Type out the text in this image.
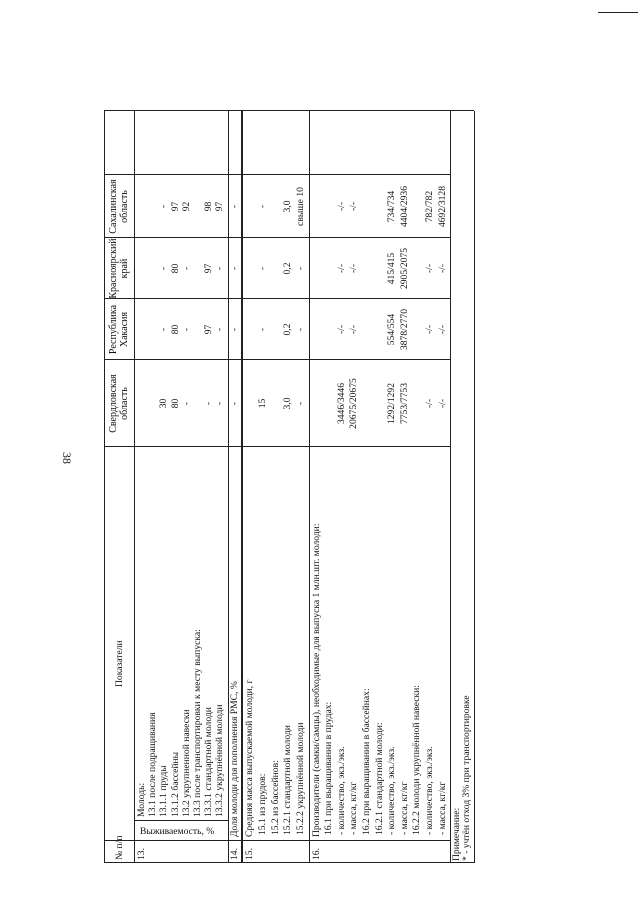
38
№ п/п
Показатели
Свердловская область
Республика Хакасия
Красноярский край
Сахалинская область
13.
Выживаемость, %
Молодь: 13.1 после подращивания 13.1.1 пруды
30
-
-
-
13.1.2 бассейны
80
80
80
97
13.2 укрупненной навески
-
-
-
92
13.3 после транспортировки к месту выпуска: 13.3.1 стандартной молоди
-
97
97
98
13.3.2 укрупнённой молоди
-
-
-
97
14.
Доля молоди для пополнения РМС, %
-
-
-
-
15.
Средняя масса выпускаемой молоди, г 15.1 из прудов:
15
-
-
-
15.2 из бассейнов: 15.2.1 стандартной молоди
3,0
0,2
0,2
3,0
15.2.2 укрупнённой молоди
-
-
-
свыше 10
16.
Производители (самки/самцы), необходимые для выпуска 1 млн.шт. молоди: 16.1 при выращивании в прудах: - количество, экз./экз.
3446/3446
-/-
-/-
-/-
- масса, кг/кг
20675/20675
-/-
-/-
-/-
16.2 при выращивании в бассейнах: 16.2.1 стандартной молоди: - количество, экз./экз.
1292/1292
554/554
415/415
734/734
- масса, кг/кг
7753/7753
3878/2770
2905/2075
4404/2936
16.2.2 молоди укрупнённой навески: - количество, экз./экз.
-/-
-/-
-/-
782/782
- масса, кг/кг
-/-
-/-
-/-
4692/3128
Примечание: * - учтён отход 3% при транспортировке
